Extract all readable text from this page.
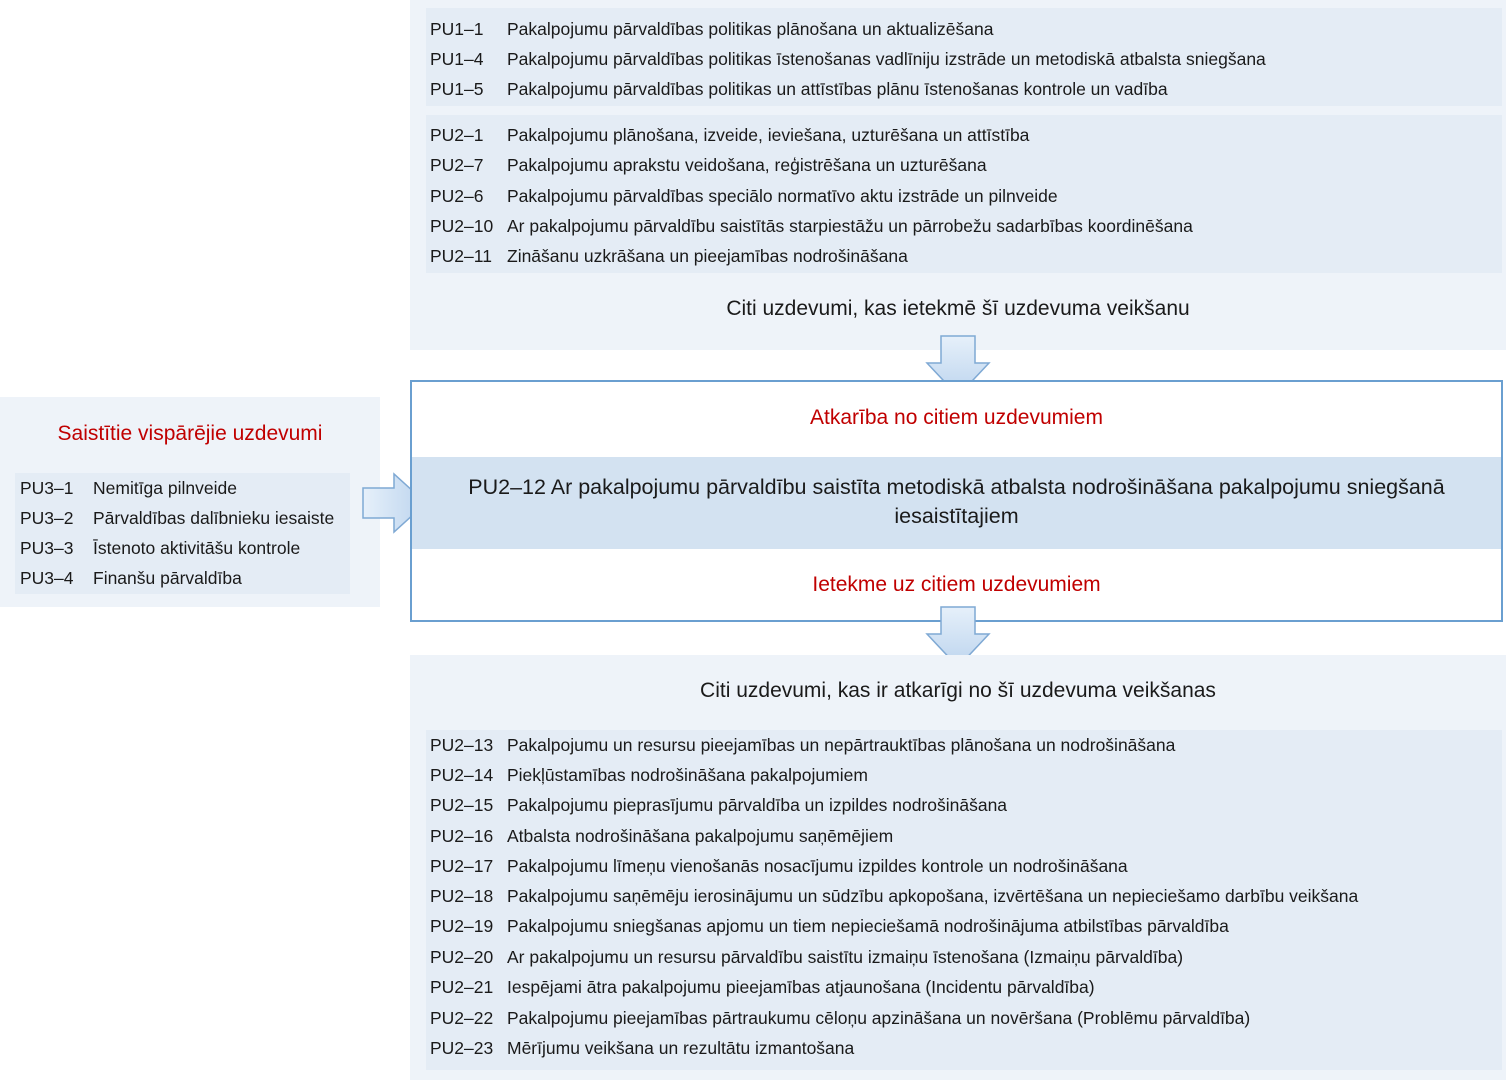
PU1–1 Pakalpojumu pārvaldības politikas plānošana un aktualizēšana
PU1–4 Pakalpojumu pārvaldības politikas īstenošanas vadlīniju izstrāde un metodiskā atbalsta sniegšana
PU1–5 Pakalpojumu pārvaldības politikas un attīstības plānu īstenošanas kontrole un vadība
PU2–1 Pakalpojumu plānošana, izveide, ieviešana, uzturēšana un attīstība
PU2–7 Pakalpojumu aprakstu veidošana, reģistrēšana un uzturēšana
PU2–6 Pakalpojumu pārvaldības speciālo normatīvo aktu izstrāde un pilnveide
PU2–10 Ar pakalpojumu pārvaldību saistītās starpiestāžu un pārrobežu sadarbības koordinēšana
PU2–11 Zināšanu uzkrāšana un pieejamības nodrošināšana
Citi uzdevumi, kas ietekmē šī uzdevuma veikšanu
Saistītie vispārējie uzdevumi
PU3–1 Nemitīga pilnveide
PU3–2 Pārvaldības dalībnieku iesaiste
PU3–3 Īstenoto aktivitāšu kontrole
PU3–4 Finanšu pārvaldība
Atkarība no citiem uzdevumiem
PU2–12 Ar pakalpojumu pārvaldību saistīta metodiskā atbalsta nodrošināšana pakalpojumu sniegšanā
iesaistītajiem
Ietekme uz citiem uzdevumiem
Citi uzdevumi, kas ir atkarīgi no šī uzdevuma veikšanas
PU2–13 Pakalpojumu un resursu pieejamības un nepārtrauktības plānošana un nodrošināšana
PU2–14 Piekļūstamības nodrošināšana pakalpojumiem
PU2–15 Pakalpojumu pieprasījumu pārvaldība un izpildes nodrošināšana
PU2–16 Atbalsta nodrošināšana pakalpojumu saņēmējiem
PU2–17 Pakalpojumu līmeņu vienošanās nosacījumu izpildes kontrole un nodrošināšana
PU2–18 Pakalpojumu saņēmēju ierosinājumu un sūdzību apkopošana, izvērtēšana un nepieciešamo darbību veikšana
PU2–19 Pakalpojumu sniegšanas apjomu un tiem nepieciešamā nodrošinājuma atbilstības pārvaldība
PU2–20 Ar pakalpojumu un resursu pārvaldību saistītu izmaiņu īstenošana (Izmaiņu pārvaldība)
PU2–21 Iespējami ātra pakalpojumu pieejamības atjaunošana (Incidentu pārvaldība)
PU2–22 Pakalpojumu pieejamības pārtraukumu cēloņu apzināšana un novēršana (Problēmu pārvaldība)
PU2–23 Mērījumu veikšana un rezultātu izmantošana
